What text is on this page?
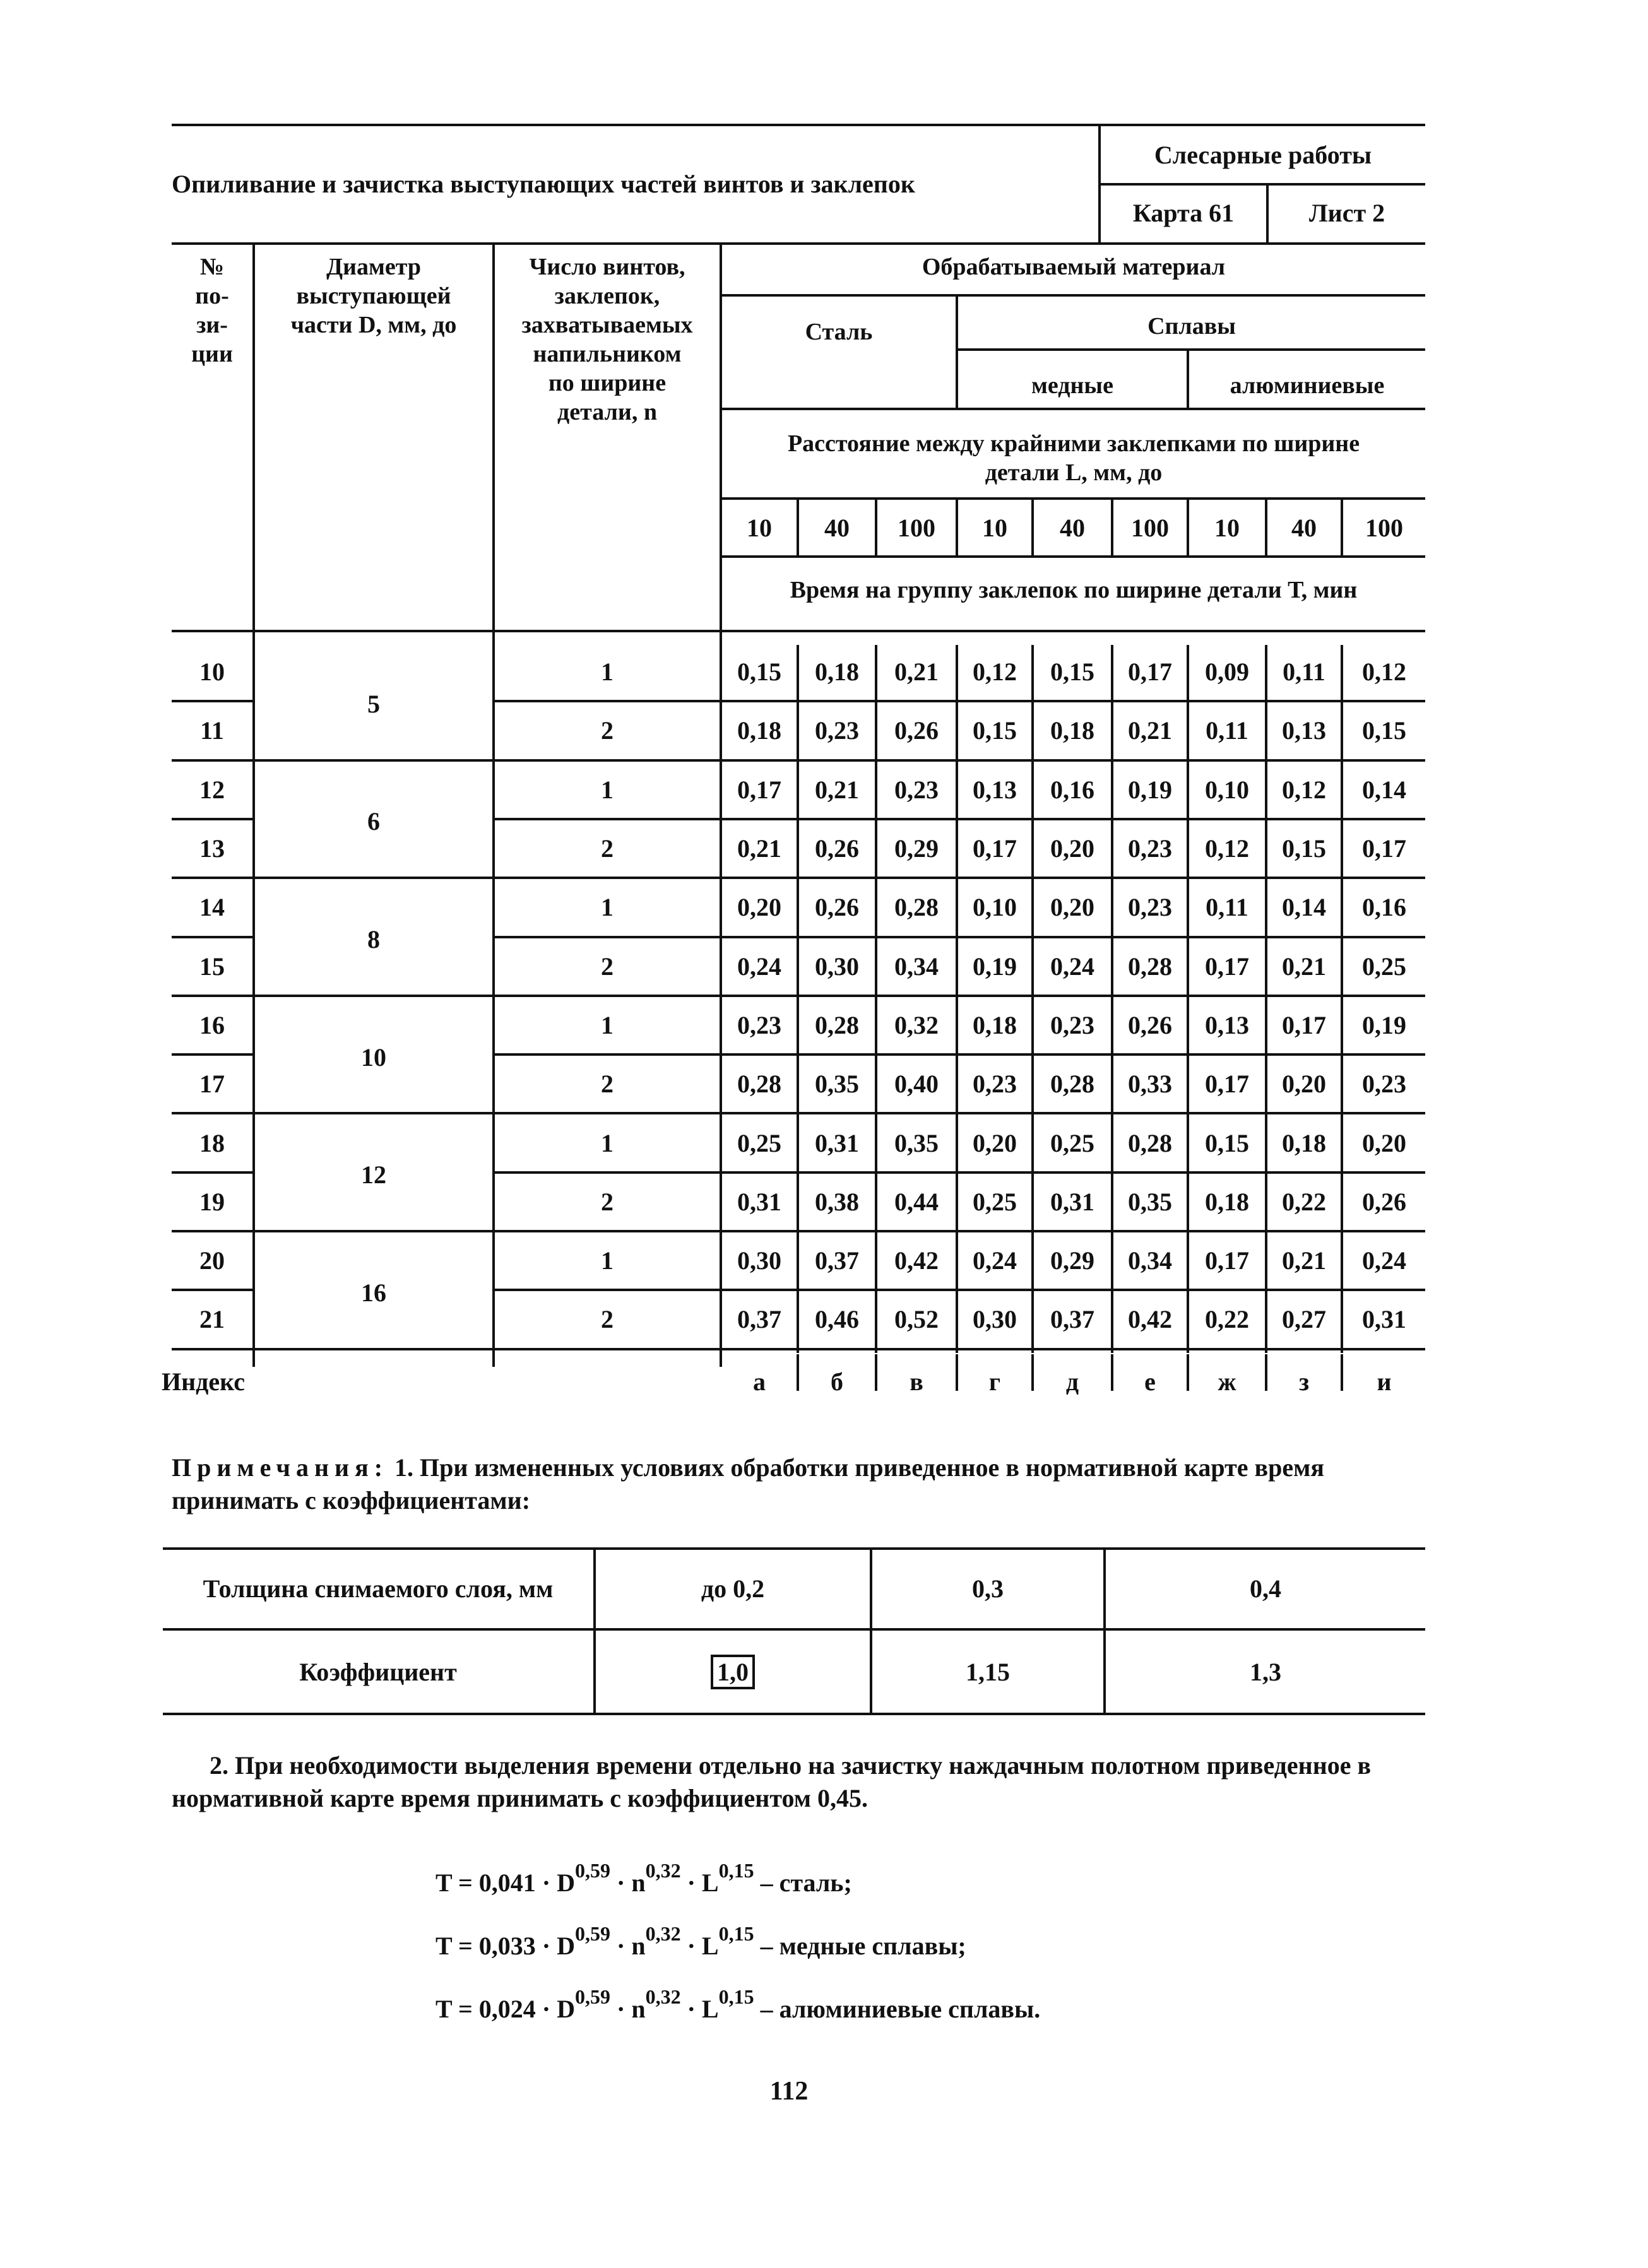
Опиливание и зачистка выступающих частей винтов и заклепок
Слесарные работы
Карта 61	Лист 2
№
по-
зи-
ции
Диаметр
выступающей
части D, мм, до
Число винтов,
заклепок,
захватываемых
напильником
по ширине
детали, n
Обрабатываемый материал
Сталь	Сплавы
медные	алюминиевые
Расстояние между крайними заклепками по ширине
детали L, мм, до
10	40	100	10	40	100	10	40	100
Время на группу заклепок по ширине детали Т, мин
5
10	1	0,15	0,18	0,21	0,12	0,15	0,17	0,09	0,11	0,12
11	2	0,18	0,23	0,26	0,15	0,18	0,21	0,11	0,13	0,15
6
12	1	0,17	0,21	0,23	0,13	0,16	0,19	0,10	0,12	0,14
13	2	0,21	0,26	0,29	0,17	0,20	0,23	0,12	0,15	0,17
8
14	1	0,20	0,26	0,28	0,10	0,20	0,23	0,11	0,14	0,16
15	2	0,24	0,30	0,34	0,19	0,24	0,28	0,17	0,21	0,25
10
16	1	0,23	0,28	0,32	0,18	0,23	0,26	0,13	0,17	0,19
17	2	0,28	0,35	0,40	0,23	0,28	0,33	0,17	0,20	0,23
12
18	1	0,25	0,31	0,35	0,20	0,25	0,28	0,15	0,18	0,20
19	2	0,31	0,38	0,44	0,25	0,31	0,35	0,18	0,22	0,26
16
20	1	0,30	0,37	0,42	0,24	0,29	0,34	0,17	0,21	0,24
21	2	0,37	0,46	0,52	0,30	0,37	0,42	0,22	0,27	0,31
Индекс	а	б	в	г	д	е	ж	з	и
Примечания: 1. При измененных условиях обработки приведенное в нормативной карте время принимать с коэффициентами:
Толщина снимаемого слоя, мм	до 0,2	0,3	0,4
Коэффициент	1,0	1,15	1,3
2. При необходимости выделения времени отдельно на зачистку наждачным полотном приведенное в нормативной карте время принимать с коэффициентом 0,45.
$T = 0,041 \cdot D^{0,59} \cdot n^{0,32} \cdot L^{0,15}$ – сталь;
$T = 0,033 \cdot D^{0,59} \cdot n^{0,32} \cdot L^{0,15}$ – медные сплавы;
$T = 0,024 \cdot D^{0,59} \cdot n^{0,32} \cdot L^{0,15}$ – алюминиевые сплавы.
112
